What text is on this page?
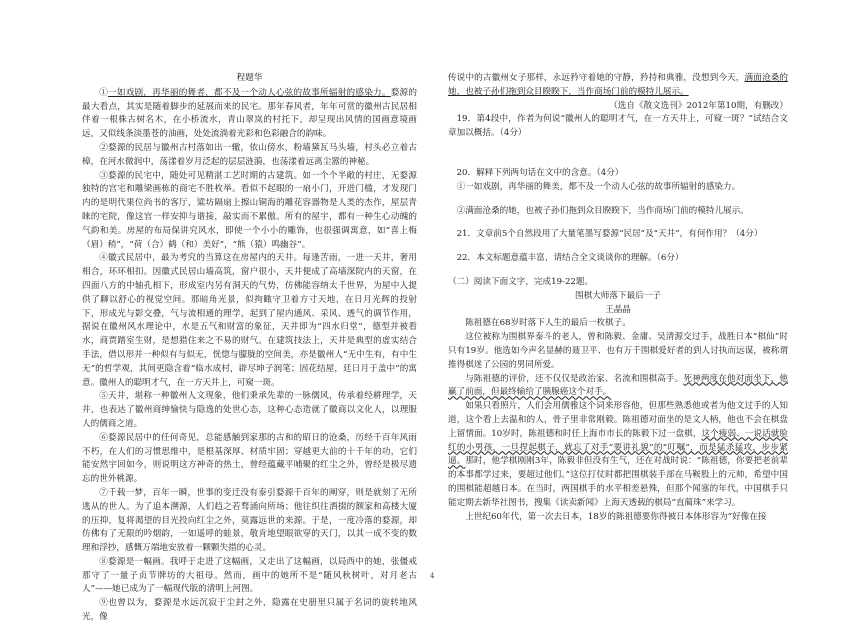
程题华

①一如戏剧，再华丽的舞者，都不及一个动人心弦的故事所辐射的感染力。婺源的最大看点，其实是随着脚步的延展而来的民宅。那年春风者，年年可赏的徽州古民居相伴着一根株古树名木，在小桥流水，青山翠岚的村托下，却呈现出风情的国画意境画远，又似线条淡墨苍的油画，处处流淌着光彩和色彩融合的韵味。

②婺源的民居与徽州古村落如出一辙，依山傍水，粉墙黛瓦马头墙，村头必立着古樟，在河水微润中，荡漾着岁月泛起的层层涟漪，也荡漾着远离尘嚣的神秘。

③婺源的民宅中，随处可见精湛工艺时期的古建筑。如一个个半敞的村庄，无婺源独特的宫宅和雕梁画栋的商宅不胜枚举。看似不起眼的一扇小门，开进门槛，才发现门内的是明代果位尚书的客厅，粱坊隔扇上擦山铜海的雕花容器物是人类的杰作，屋层青睐的宅院，像这官一样安抑与谐接，敲实而不累傲。所有的屋宇，都有一种生心动魄的气韵和美。房屋的布局保讲究风水，即使一个小小的雕饰，也很强调寓意，如“喜上梅（眉）稍”，“荷（合）鹤（和）美好”，“熊（猿）鸣幽谷”。

④徽式民居中，最为考究的当算这在房屋内的天井。每逢苦雨，一进一天井，奢用相合，环环相扣。因徽式民居山墙高筑，窗户很小，天井便成了高墙深院内的天窗，在四面八方的中轴孔相下，形成室内另有洞天的气势，仿佛能容纳太千世界，为屋中人提供了聊以舒心的视觉空间。那暗角光景，似拘瞰守卫着方寸天地，在日月光辉的投射下，形成光与影交叠，气与流相通的理学，起到了屋内通风、采风、透气的调节作用，据说在徽州风水理论中，水是五气和财富的象征，天井即为“四水归堂”，德型并被看水，商贾踏室生财，是想猎住来之不易的财气。在建筑技法上，天井是典型的虚实结合手法，借以形并一种似有与似无，恍惚与朦胧的空间美，亦是徽州人“无中生有，有中生无”的哲学观，其间更隐含着“临水成村，辟尽坤子润笔；固花结屋，廷日月于盖中”的寓意。徽州人的聪明才气，在一方天井上，可窥一斑。

⑤天井，堪称一种徽州人文现象，他们秉承先辈的一脉儒风，传承着经耕理学，天井，也表达了徽州商绅愉快与隐逸的处世心态，这种心态造就了徽商以文化人，以理服人的儒商之道。

⑥婺源民居中的任何奇见，总能感触到家那的古和的昭日的沧桑，历经千百年风雨不朽，在人们的习惯思维中，是根基深厚、材质牢固；穿越更大前的十千年的功，它们能安然宇回如今，则说明这方神奇的热土，曾经蕴藏平哺聚的红尘之外，曾经是极尽遗忘的世外桃源。

⑦千载一梦，百年一瞬，世事的变迁没有泰引婺源千百年的阐穿，则是就刻了无所逃从的世人。为了追本溯源，人们趋之若骛涌向所场；他往织往洒掇的额家和高楼大厦的压抑，复将渴望的目光投向红尘之外，莫露远世的来源。于是，一度冷落的婺源，却仿佛有了无限的吟烟韵，一如遥呼的蛙景，敬肯地望眼欲穿的天门，以其一成不变的数理和浮抄，感慨万端地安放着一颗颗失措的心灵。

⑧婺源是一幅画。我呼于走进了这幅画，又走出了这幅画，以局西中的她，张僵戒那守了一量子贞节牌坊的大祖母。然而，画中的她所不是“随风秋树叶，对月老古人”——她已成为了一幅现代版的清明上河图。

⑨也曾以为，婺源是水远沉寂于尘封之外，隐露在史册里只属于名词的旋转地风光，像

传说中的古徽州女子那样，永远矜守着她的守静，矜持和典雅，没想到今天，满面沧桑的她，也被子孙们拖到众目睽睽下，当作商场门前的模特儿展示。

（选自《散文选刊》2012年第10期，有删改）

19．第4段中，作者为何说“徽州人的聪明才气，在一方天井上，可窥一斑？”试结合文章加以概括。（4分）

20．解释下列两句话在文中的含意。（4分）

①一如戏剧，再华丽的舞美，都不及一个动人心弦的故事所辐射的感染力。

②满面沧桑的她，也被子孙们拖到众目睽睽下，当作商场门前的模特儿展示。

21．文章前5个自然段用了大量笔墨写婺源“民居”及“天井”，有何作用？（4分）

22．本文标题意蕴丰富，请结合全文谈谈你的理解。（6分）

（二）阅读下面文字，完成19-22题。

围棋大师落下最后一子

王晶晶

陈祖德在68岁时落下人生的最后一枚棋子。

这位被称为围棋界泰斗的老人，曾和陈毅、金庸、吴清源交过手，战胜日本“棋仙”时只有19岁。他选如今声名显赫的聂卫平、也有万千围棋爱好者的到人讨执而远谋，被称谓推得棋迷了公园的男同所爱。

与陈祖德的评价，还不仅仅是政治家、名流和围棋高手。死神两度在他对面坐下，他赢了前面，但最终输给了胰腺癌这个对手。

如果只看照片，人们会用儒雅这个词来形容他，但那些熟悉他或者为他文过手的人知道，这个看上去温和的人，骨子里非常刚毅。陈祖德对面坐的是文人柄，他也不会在棋盘上留情面。10岁时，陈祖德和时任上海市市长的陈毅下过一盘棋，这个瘦弱、一说话就脸红的小男孩，一旦捏起棋子，就忘了对手“要讲礼貌”的“叮嘱”，而是猛杀猛攻，步步紧逼。那时，他学棋刚刚3年，陈毅非但没有生气，还在对战时说：“陈祖德，你要把老前辈的本事都学过来，要超过他们。”这位打仗时都把围棋装手部在马鞍股上的元帅，希望中国的围棋能超越日本。在当时，两国棋手的水平相差悬殊，但那个闻塞的年代，中国棋手只能定期去新华社图书，搜集《读卖新闻》上海天透载的棋局“直蔺珠”来学习。

上世纪60年代，第一次去日本，18岁的陈祖德要你得被日本体形容为“好像在接

4
